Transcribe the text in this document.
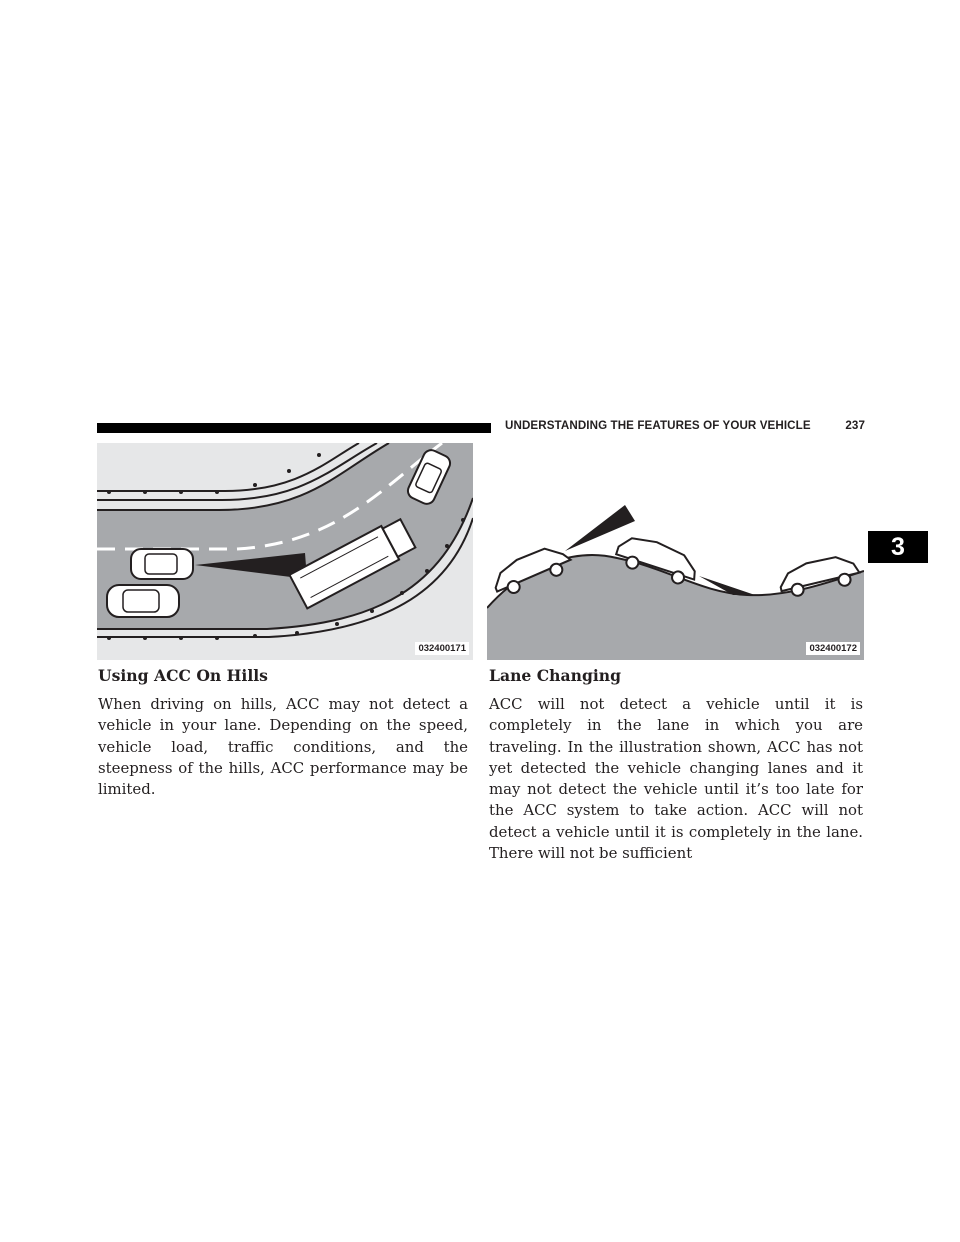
UNDERSTANDING THE FEATURES OF YOUR VEHICLE	237
3
032400171	032400172
Using ACC On Hills

When driving on hills, ACC may not detect a vehicle in your lane. Depending on the speed, vehicle load, traffic conditions, and the steepness of the hills, ACC performance may be limited.

Lane Changing

ACC will not detect a vehicle until it is completely in the lane in which you are traveling. In the illustration shown, ACC has not yet detected the vehicle changing lanes and it may not detect the vehicle until it’s too late for the ACC system to take action. ACC will not detect a vehicle until it is completely in the lane. There will not be sufficient
